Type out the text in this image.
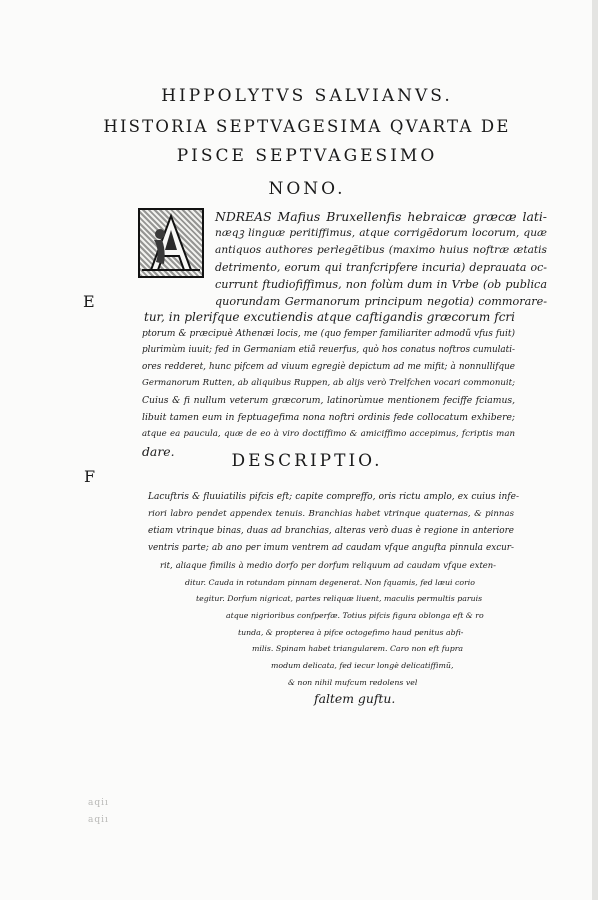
HIPPOLYTVS SALVIANVS.
HISTORIA SEPTVAGESIMA QVARTA DE
PISCE SEPTVAGESIMO
NONO.
E
F
NDREAS Mafius Bruxellenfis hebraicæ græcæ lati-
næqꝫ linguæ peritiffimus, atque corrigẽdorum locorum, quæ
antiquos authores perlegẽtibus (maximo huius noftræ ætatis
detrimento, eorum qui tranfcripfere incuria) deprauata oc-
currunt ftudiofiffimus, non folùm dum in Vrbe (ob publica
quorundam Germanorum principum negotia) commorare-
tur, in plerifque excutiendis atque caftigandis græcorum fcri
ptorum & præcipuè Athenæi locis, me (quo femper familiariter admodũ vfus fuit)
plurimùm iuuit; fed in Germaniam etiã reuerfus, quò hos conatus noftros cumulati-
ores redderet, hunc pifcem ad viuum egregiè depictum ad me mifit; à nonnullifque
Germanorum Rutten, ab aliquibus Ruppen, ab alijs verò Trelfchen vocari commonuit;
Cuius & fi nullum veterum græcorum, latinorùmue mentionem feciffe fciamus,
libuit tamen eum in feptuagefima nona noftri ordinis fede collocatum exhibere;
atque ea paucula, quæ de eo à viro doctiffimo & amiciffimo accepimus, fcriptis man
dare.	DESCRIPTIO.
Lacuftris & fluuiatilis pifcis eft; capite compreffo, oris rictu amplo, ex cuius infe-
riori labro pendet appendex tenuis. Branchias habet vtrinque quaternas, & pinnas
etiam vtrinque binas, duas ad branchias, alteras verò duas è regione in anteriore
ventris parte; ab ano per imum ventrem ad caudam vfque angufta pinnula excur-
rit, aliaque fimilis à medio dorfo per dorfum reliquum ad caudam vfque exten-
ditur. Cauda in rotundam pinnam degenerat. Non fquamis, fed læui corio
tegitur. Dorfum nigricat, partes reliquæ liuent, maculis permultis paruis
atque nigrioribus confperfæ. Totius pifcis figura oblonga eft & ro
tunda, & propterea à pifce octogefimo haud penitus abfi-
milis. Spinam habet triangularem. Caro non eft fupra
modum delicata, fed iecur longè delicatiffimũ,
& non nihil mufcum redolens vel
faltem guftu.
aqiı
aqiı
